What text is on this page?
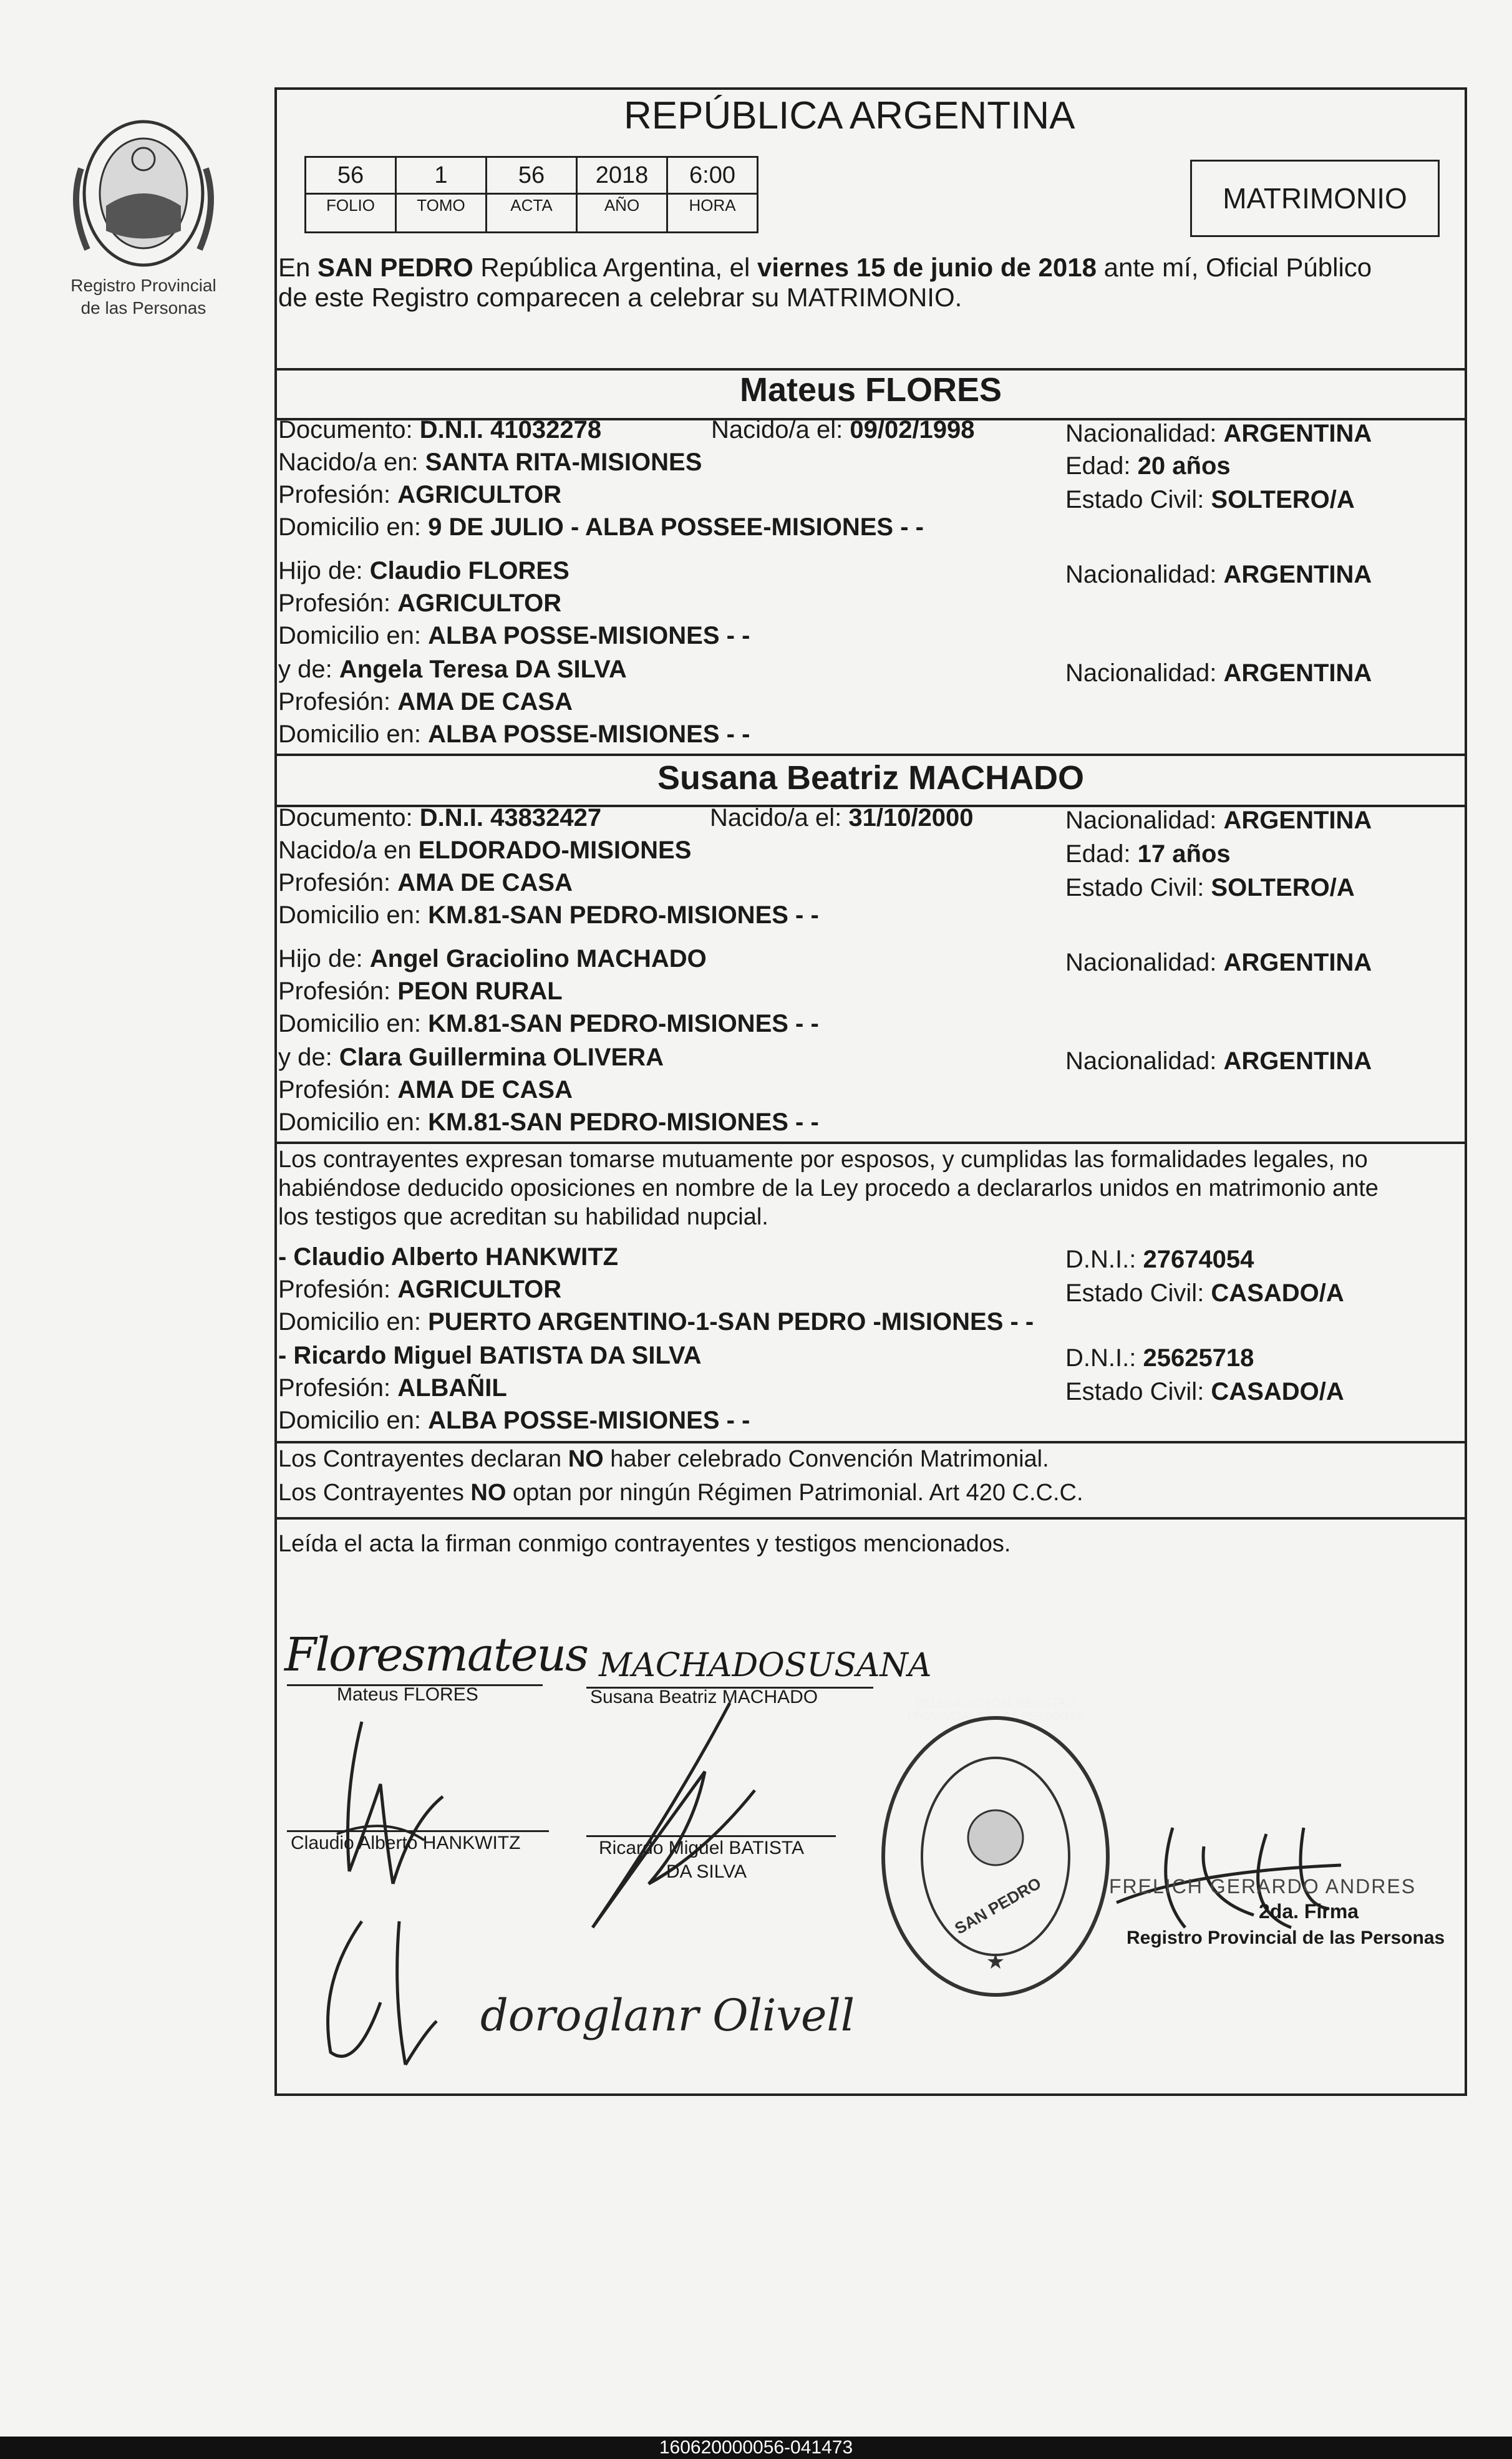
Registro Provincial
de las Personas
REPÚBLICA ARGENTINA
56
FOLIO
1
TOMO
56
ACTA
2018
AÑO
6:00
HORA	MATRIMONIO
En SAN PEDRO República Argentina, el viernes 15 de junio de 2018 ante mí, Oficial Público
de este Registro comparecen a celebrar su MATRIMONIO.
Mateus FLORES
Documento: D.N.I. 41032278	Nacido/a el: 09/02/1998	Nacionalidad: ARGENTINA
Nacido/a en: SANTA RITA-MISIONES	Edad: 20 años
Profesión: AGRICULTOR	Estado Civil: SOLTERO/A
Domicilio en: 9 DE JULIO - ALBA POSSEE-MISIONES - -
Hijo de: Claudio FLORES	Nacionalidad: ARGENTINA
Profesión: AGRICULTOR
Domicilio en: ALBA POSSE-MISIONES - -
y de: Angela Teresa DA SILVA	Nacionalidad: ARGENTINA
Profesión: AMA DE CASA
Domicilio en: ALBA POSSE-MISIONES - -
Susana Beatriz MACHADO
Documento: D.N.I. 43832427	Nacido/a el: 31/10/2000	Nacionalidad: ARGENTINA
Nacido/a en ELDORADO-MISIONES	Edad: 17 años
Profesión: AMA DE CASA	Estado Civil: SOLTERO/A
Domicilio en: KM.81-SAN PEDRO-MISIONES - -
Hijo de: Angel Graciolino MACHADO	Nacionalidad: ARGENTINA
Profesión: PEON RURAL
Domicilio en: KM.81-SAN PEDRO-MISIONES - -
y de: Clara Guillermina OLIVERA	Nacionalidad: ARGENTINA
Profesión: AMA DE CASA
Domicilio en: KM.81-SAN PEDRO-MISIONES - -
Los contrayentes expresan tomarse mutuamente por esposos, y cumplidas las formalidades legales, no
habiéndose deducido oposiciones en nombre de la Ley procedo a declararlos unidos en matrimonio ante
los testigos que acreditan su habilidad nupcial.
- Claudio Alberto HANKWITZ	D.N.I.: 27674054
Profesión: AGRICULTOR	Estado Civil: CASADO/A
Domicilio en: PUERTO ARGENTINO-1-SAN PEDRO -MISIONES - -
- Ricardo Miguel BATISTA DA SILVA	D.N.I.: 25625718
Profesión: ALBAÑIL	Estado Civil: CASADO/A
Domicilio en: ALBA POSSE-MISIONES - -
Los Contrayentes declaran NO haber celebrado Convención Matrimonial.
Los Contrayentes NO optan por ningún Régimen Patrimonial. Art 420 C.C.C.
Leída el acta la firman conmigo contrayentes y testigos mencionados.
Floresmateus
Mateus FLORES
MACHADOSUSANA
Susana Beatriz MACHADO
Claudio Alberto HANKWITZ	Ricardo Miguel BATISTA
DA SILVA
doroglanr Olivell
★
SAN PEDRO	FRELICH GERARDO ANDRES
2da. Firma
Registro Provincial de las Personas
160620000056-041473
